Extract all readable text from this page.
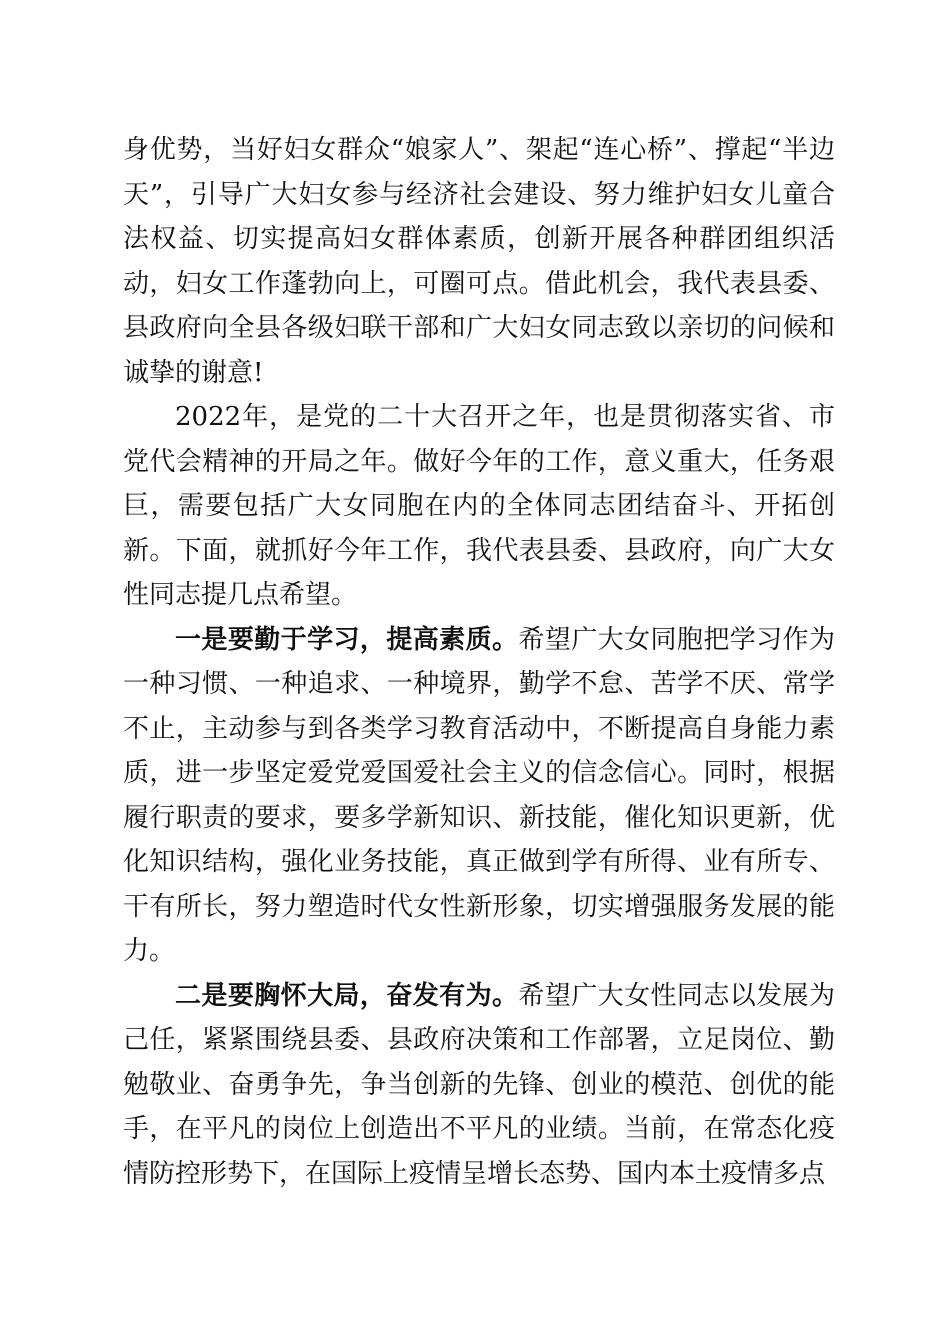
身优势，当好妇女群众“娘家人”、架起“连心桥”、撑起“半边天”，引导广大妇女参与经济社会建设、努力维护妇女儿童合法权益、切实提高妇女群体素质，创新开展各种群团组织活动，妇女工作蓬勃向上，可圈可点。借此机会，我代表县委、县政府向全县各级妇联干部和广大妇女同志致以亲切的问候和诚挚的谢意!

2022年，是党的二十大召开之年，也是贯彻落实省、市党代会精神的开局之年。做好今年的工作，意义重大，任务艰巨，需要包括广大女同胞在内的全体同志团结奋斗、开拓创新。下面，就抓好今年工作，我代表县委、县政府，向广大女性同志提几点希望。

一是要勤于学习，提高素质。希望广大女同胞把学习作为一种习惯、一种追求、一种境界，勤学不怠、苦学不厌、常学不止，主动参与到各类学习教育活动中，不断提高自身能力素质，进一步坚定爱党爱国爱社会主义的信念信心。同时，根据履行职责的要求，要多学新知识、新技能，催化知识更新，优化知识结构，强化业务技能，真正做到学有所得、业有所专、干有所长，努力塑造时代女性新形象，切实增强服务发展的能力。

二是要胸怀大局，奋发有为。希望广大女性同志以发展为己任，紧紧围绕县委、县政府决策和工作部署，立足岗位、勤勉敬业、奋勇争先，争当创新的先锋、创业的模范、创优的能手，在平凡的岗位上创造出不平凡的业绩。当前，在常态化疫情防控形势下，在国际上疫情呈增长态势、国内本土疫情多点
